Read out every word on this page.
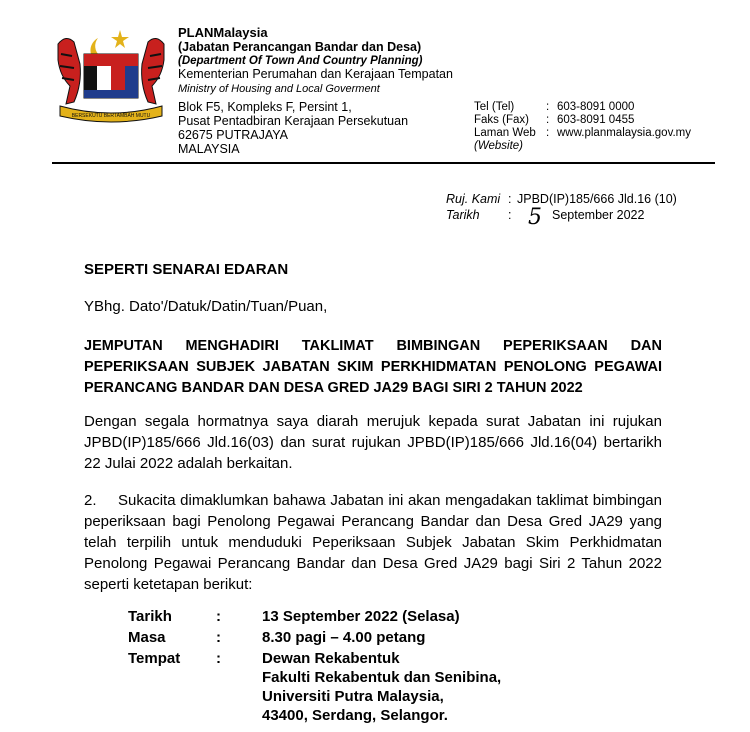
BERSEKUTU BERTAMBAH MUTU
PLANMalaysia
(Jabatan Perancangan Bandar dan Desa)
(Department Of Town And Country Planning)
Kementerian Perumahan dan Kerajaan Tempatan
Ministry of Housing and Local Goverment
Blok F5, Kompleks F, Persint 1,
Pusat Pentadbiran Kerajaan Persekutuan
62675 PUTRAJAYA
MALAYSIA
Tel (Tel)	: 603-8091 0000
Faks (Fax) : 603-8091 0455
Laman Web : www.planmalaysia.gov.my
(Website)
Ruj. Kami : JPBD(IP)185/666 Jld.16 (10)
Tarikh : 5 September 2022
SEPERTI SENARAI EDARAN
YBhg. Dato'/Datuk/Datin/Tuan/Puan,
JEMPUTAN MENGHADIRI TAKLIMAT BIMBINGAN PEPERIKSAAN DAN
PEPERIKSAAN SUBJEK JABATAN SKIM PERKHIDMATAN PENOLONG PEGAWAI
PERANCANG BANDAR DAN DESA GRED JA29 BAGI SIRI 2 TAHUN 2022
Dengan segala hormatnya saya diarah merujuk kepada surat Jabatan ini rujukan JPBD(IP)185/666 Jld.16(03) dan surat rujukan JPBD(IP)185/666 Jld.16(04) bertarikh 22 Julai 2022 adalah berkaitan.
Sukacita dimaklumkan bahawa Jabatan ini akan mengadakan taklimat bimbingan peperiksaan bagi Penolong Pegawai Perancang Bandar dan Desa Gred JA29 yang telah terpilih untuk menduduki Peperiksaan Subjek Jabatan Skim Perkhidmatan Penolong Pegawai Perancang Bandar dan Desa Gred JA29 bagi Siri 2 Tahun 2022 seperti ketetapan berikut:
2.
Tarikh	:	13 September 2022 (Selasa)
Masa	:	8.30 pagi – 4.00 petang
Tempat :	Dewan Rekabentuk
Fakulti Rekabentuk dan Senibina,
Universiti Putra Malaysia,
43400, Serdang, Selangor.
